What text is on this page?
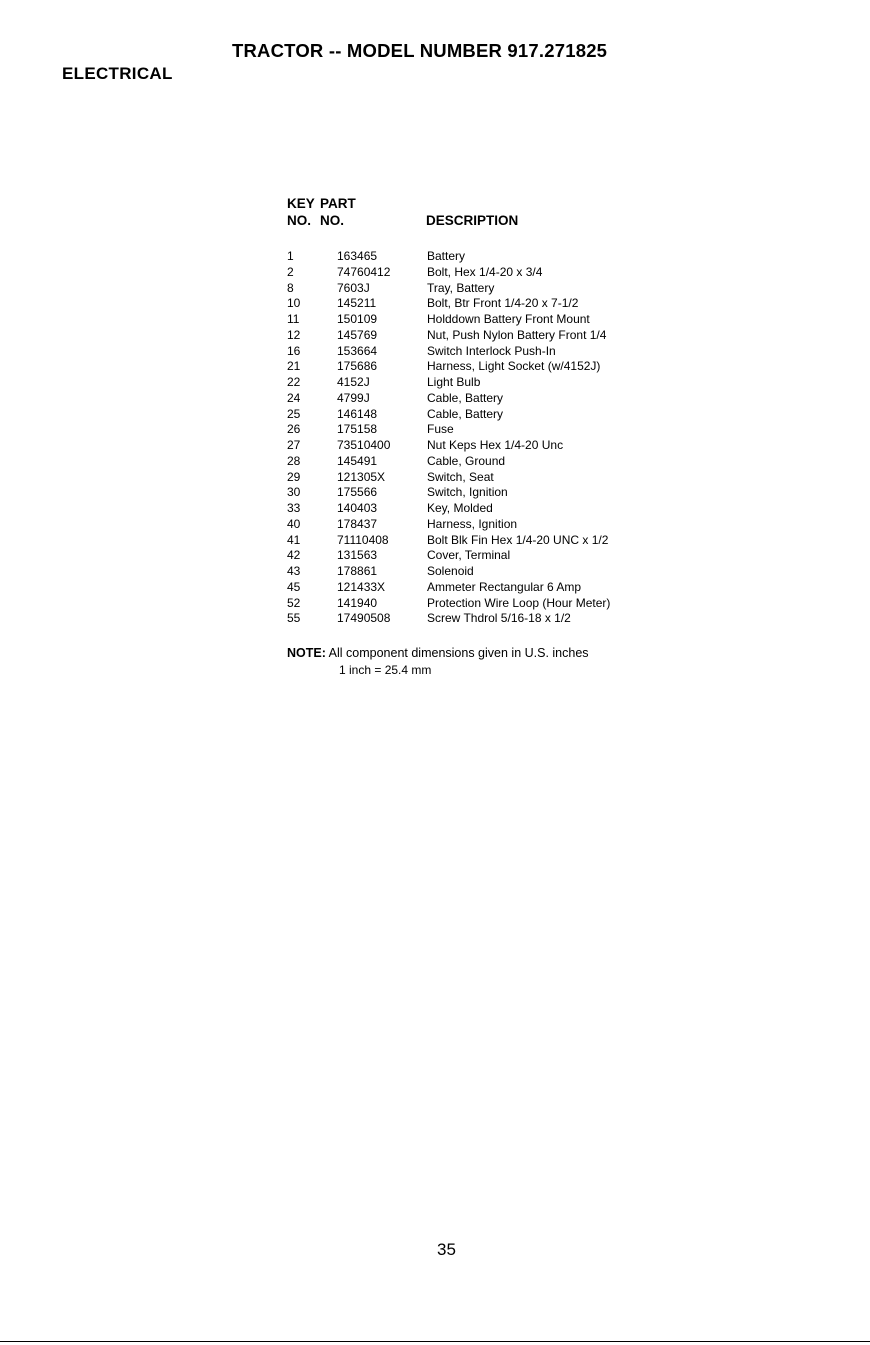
ELECTRICAL
TRACTOR -- MODEL NUMBER 917.271825
KEY PART
NO. NO.	DESCRIPTION
1	163465	Battery
2	74760412	Bolt, Hex 1/4-20 x 3/4
8	7603J	Tray, Battery
10	145211	Bolt, Btr Front 1/4-20 x 7-1/2
11	150109	Holddown Battery Front Mount
12	145769	Nut, Push Nylon Battery Front 1/4
16	153664	Switch Interlock Push-In
21	175686	Harness, Light Socket (w/4152J)
22	4152J	Light Bulb
24	4799J	Cable, Battery
25	146148	Cable, Battery
26	175158	Fuse
27	73510400	Nut Keps Hex 1/4-20 Unc
28	145491	Cable, Ground
29	121305X	Switch, Seat
30	175566	Switch, Ignition
33	140403	Key, Molded
40	178437	Harness, Ignition
41	71110408	Bolt Blk Fin Hex 1/4-20 UNC x 1/2
42	131563	Cover, Terminal
43	178861	Solenoid
45	121433X	Ammeter Rectangular 6 Amp
52	141940	Protection Wire Loop (Hour Meter)
55	17490508	Screw Thdrol 5/16-18 x 1/2
NOTE: All component dimensions given in U.S. inches
1 inch = 25.4 mm
35
